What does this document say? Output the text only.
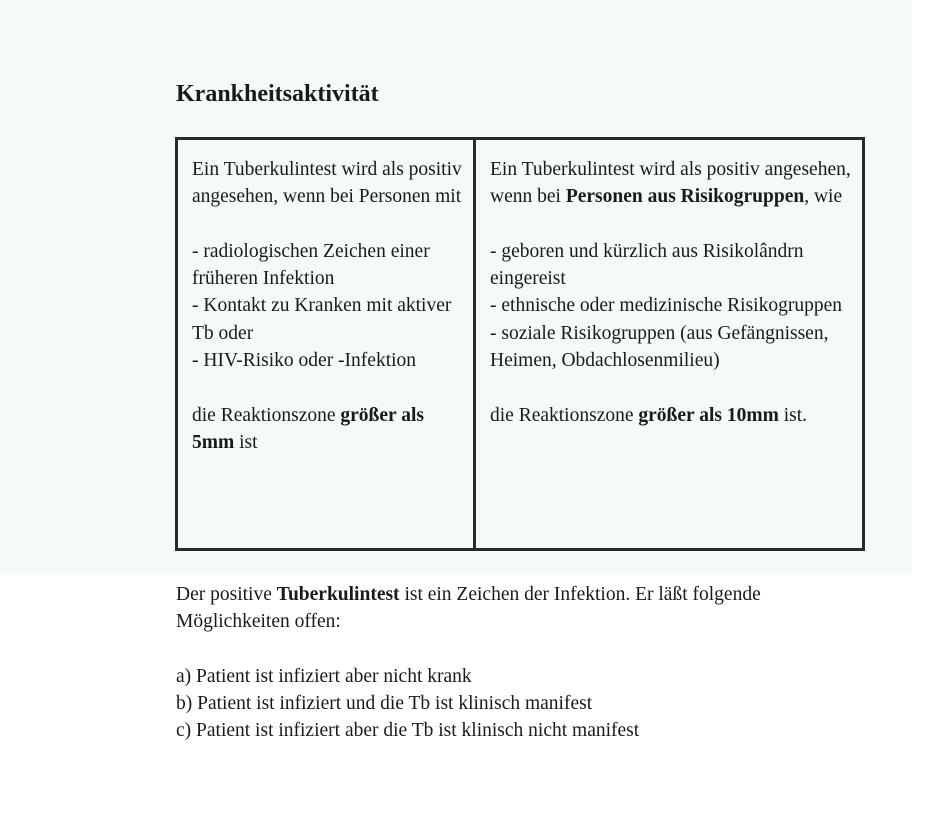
Krankheitsaktivität

Ein Tuberkulintest wird als positiv angesehen, wenn bei Personen mit

- radiologischen Zeichen einer früheren Infektion

- Kontakt zu Kranken mit aktiver Tb oder

- HIV-Risiko oder -Infektion

die Reaktionszone größer als 5mm ist

Ein Tuberkulintest wird als positiv angesehen, wenn bei Personen aus Risikogruppen, wie

- geboren und kürzlich aus Risikolândrn eingereist

- ethnische oder medizinische Risikogruppen

- soziale Risikogruppen (aus Gefängnissen, Heimen, Obdachlosenmilieu)

die Reaktionszone größer als 10mm ist.

Der positive Tuberkulintest ist ein Zeichen der Infektion. Er läßt folgende Möglichkeiten offen:

a) Patient ist infiziert aber nicht krank

b) Patient ist infiziert und die Tb ist klinisch manifest

c) Patient ist infiziert aber die Tb ist klinisch nicht manifest
